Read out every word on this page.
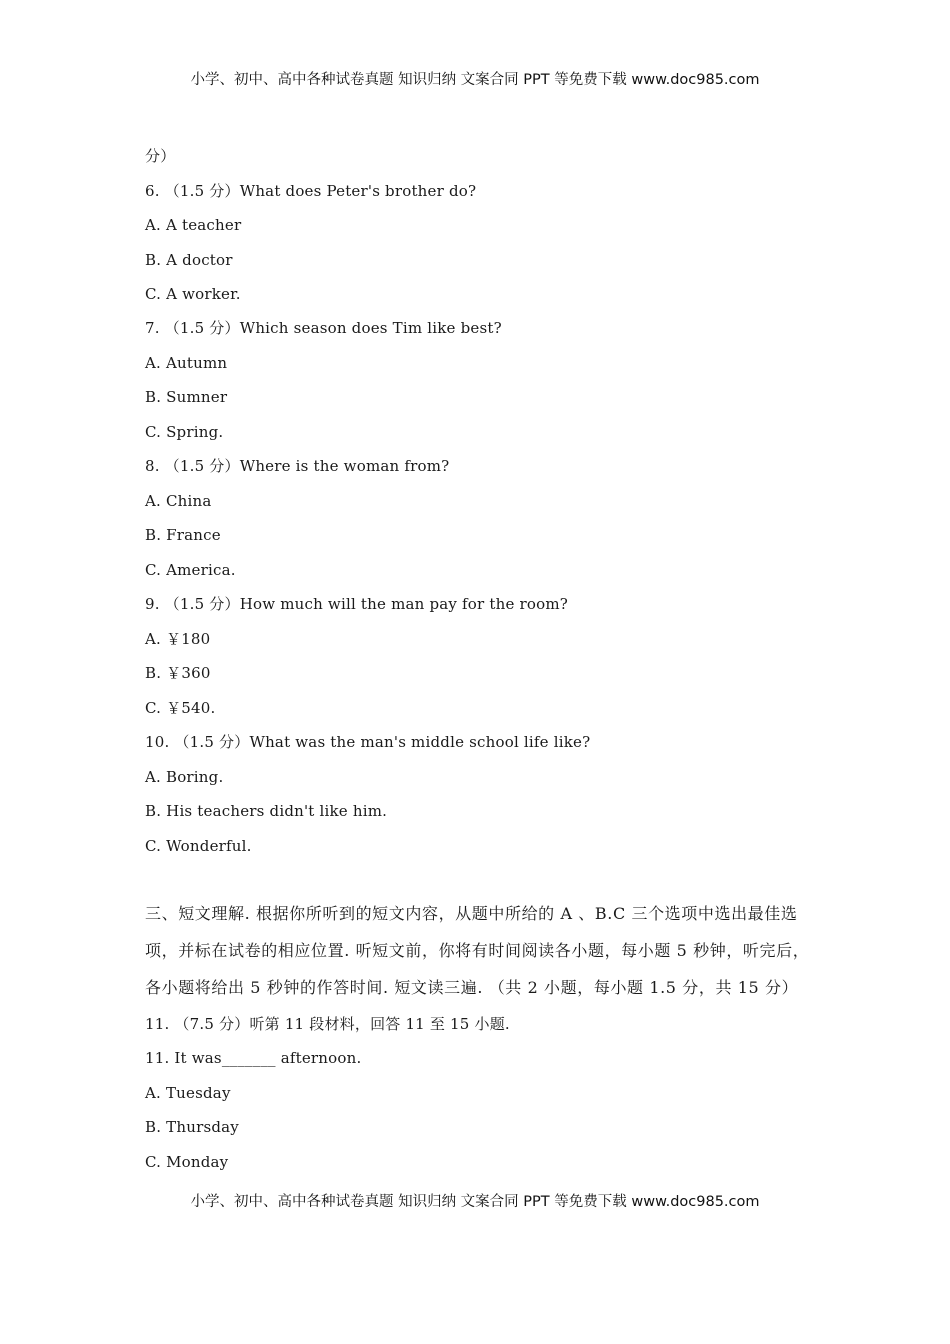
小学、初中、高中各种试卷真题 知识归纳 文案合同 PPT 等免费下载 www.doc985.com
分）
6. （1.5 分）What does Peter's brother do?
A. A teacher
B. A doctor
C. A worker.
7. （1.5 分）Which season does Tim like best?
A. Autumn
B. Sumner
C. Spring.
8. （1.5 分）Where is the woman from?
A. China
B. France
C. America.
9. （1.5 分）How much will the man pay for the room?
A. ￥180
B. ￥360
C. ￥540.
10. （1.5 分）What was the man's middle school life like?
A. Boring.
B. His teachers didn't like him.
C. Wonderful.
三、短文理解. 根据你所听到的短文内容，从题中所给的 A 、B.C 三个选项中选出最佳选
项，并标在试卷的相应位置. 听短文前，你将有时间阅读各小题，每小题 5 秒钟，听完后，
各小题将给出 5 秒钟的作答时间. 短文读三遍. （共 2 小题，每小题 1.5 分，共 15 分）
11. （7.5 分）听第 11 段材料，回答 11 至 15 小题.
11. It was_______ afternoon.
A. Tuesday
B. Thursday
C. Monday
小学、初中、高中各种试卷真题 知识归纳 文案合同 PPT 等免费下载 www.doc985.com
